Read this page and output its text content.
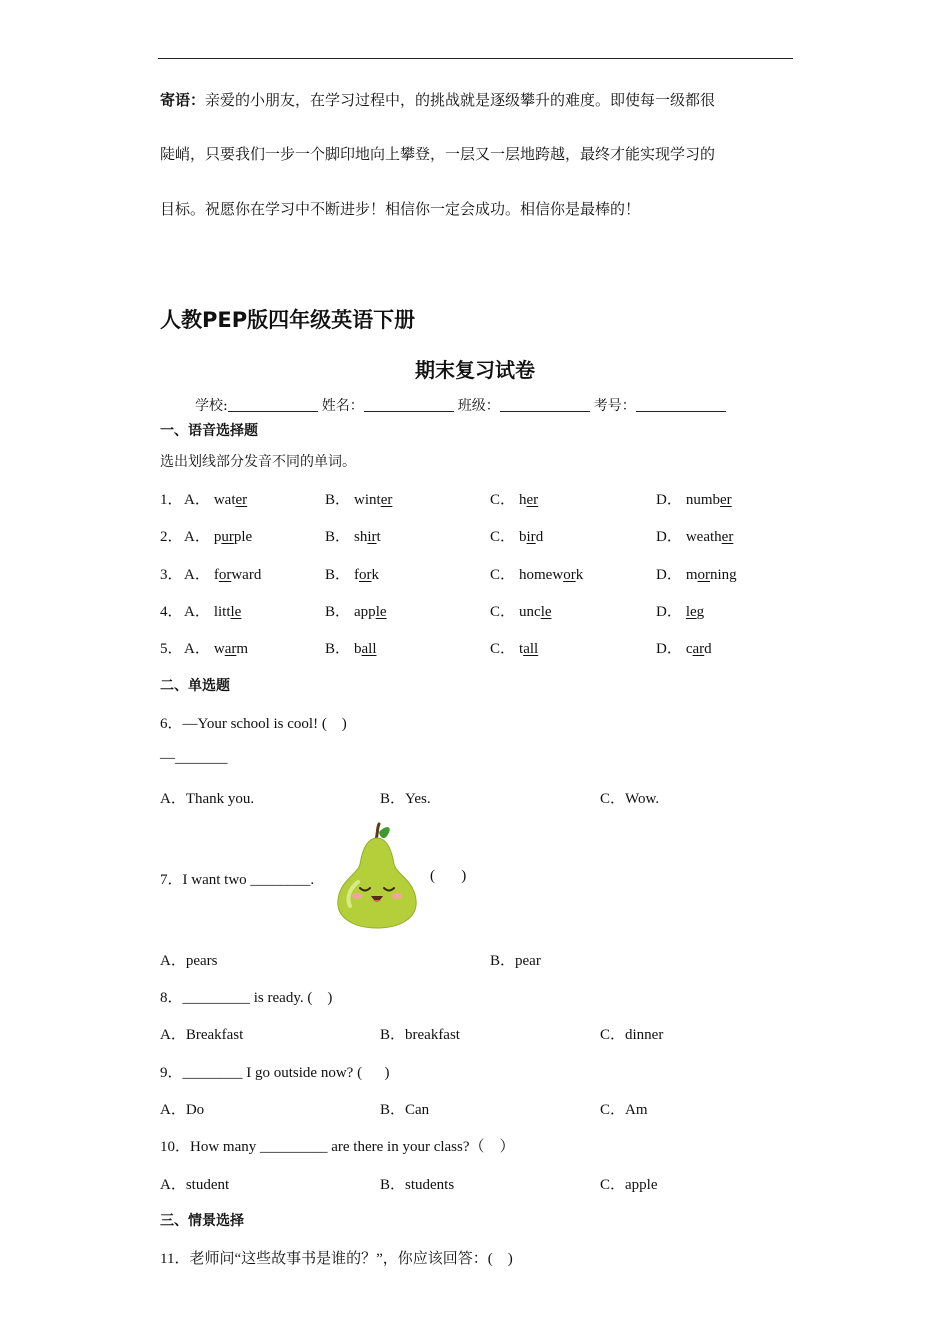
寄语：亲爱的小朋友，在学习过程中，的挑战就是逐级攀升的难度。即使每一级都很
陡峭，只要我们一步一个脚印地向上攀登，一层又一层地跨越，最终才能实现学习的
目标。祝愿你在学习中不断进步！相信你一定会成功。相信你是最棒的！
人教PEP版四年级英语下册
期末复习试卷
学校:	姓名：	班级：	考号：
一、语音选择题
选出划线部分发音不同的单词。
1． A． water	B． winter	C． her	D． number
2． A． purple	B． shirt	C． bird	D． weather
3． A． forward	B． fork	C． homework	D． morning
4． A． little	B． apple	C． uncle	D． leg
5． A． warm	B． ball	C． tall	D． card
二、单选题
6．—Your school is cool! (    )
—_______
A．Thank you.	B．Yes.	C．Wow.
7．I want two ________.	(       )
A．pears	B．pear
8．_________ is ready. (    )
A．Breakfast	B．breakfast	C．dinner
9．________ I go outside now? (      )
A．Do	B．Can	C．Am
10．How many _________ are there in your class?（    ）
A．student	B．students	C．apple
三、情景选择
11．老师问“这些故事书是谁的？”，你应该回答：(    )
